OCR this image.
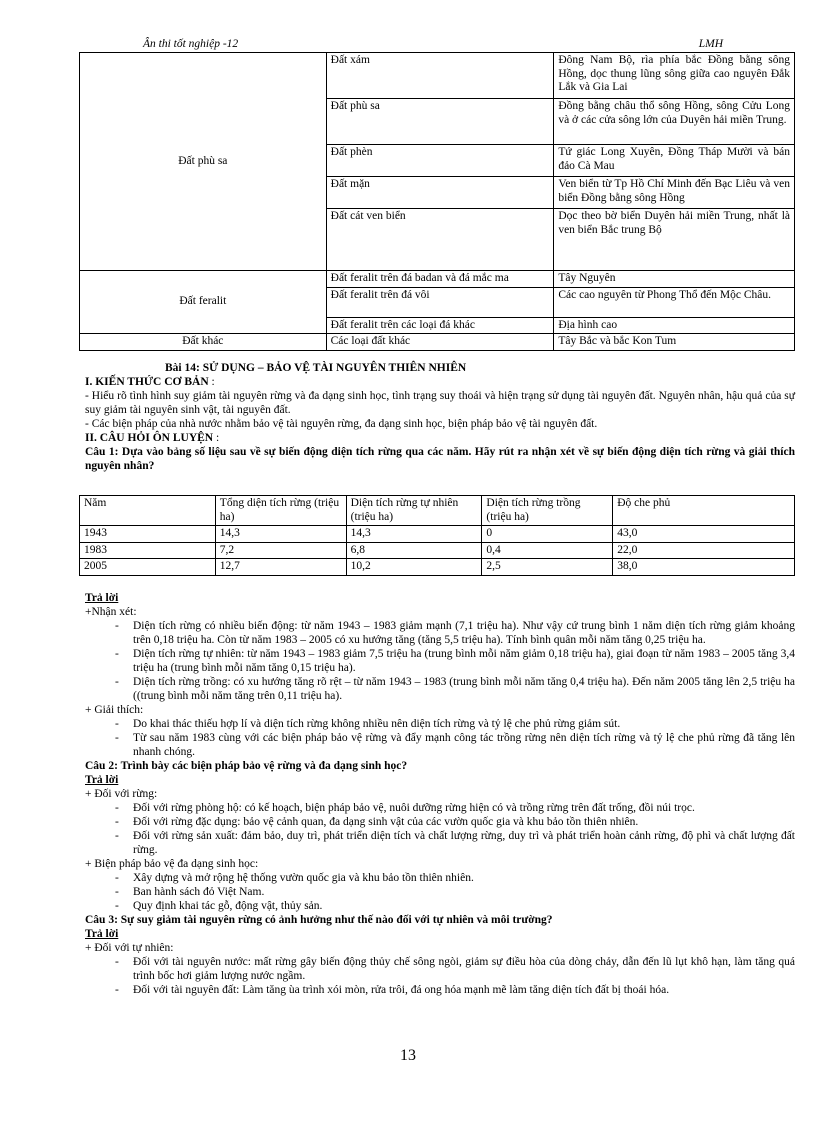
Ân thi tốt nghiệp -12	LMH
Đất phù sa	Đất xám	Đông Nam Bộ, rìa phía bắc Đồng bằng sông Hồng, dọc thung lũng sông giữa cao nguyên Đắk Lắk và Gia Lai
	Đất phù sa	Đồng bằng châu thổ sông Hồng, sông Cửu Long và ở các cửa sông lớn của Duyên hải miền Trung.
	Đất phèn	Tứ giác Long Xuyên, Đồng Tháp Mười và bán đảo Cà Mau
	Đất mặn	Ven biển từ Tp Hồ Chí Minh đến Bạc Liêu và ven biển Đồng bằng sông Hồng
	Đất cát ven biển	Dọc theo bờ biển Duyên hải miền Trung, nhất là ven biển Bắc trung Bộ
Đất feralit	Đất feralit trên đá badan và đá mắc ma	Tây Nguyên
	Đất feralit trên đá vôi	Các cao nguyên từ Phong Thổ đến Mộc Châu.
	Đất feralit trên các loại đá khác	Địa hình cao
Đất khác	Các loại đất khác	Tây Bắc và bắc Kon Tum
Bài 14: SỬ DỤNG – BẢO VỆ TÀI NGUYÊN THIÊN NHIÊN
I. KIẾN THỨC CƠ BẢN :
- Hiểu rõ tình hình suy giảm tài nguyên rừng và đa dạng sinh học, tình trạng suy thoái và hiện trạng sử dụng tài nguyên đất. Nguyên nhân, hậu quả của sự suy giảm tài nguyên sinh vật, tài nguyên đất.
- Các biện pháp của nhà nước nhằm bảo vệ tài nguyên rừng, đa dạng sinh học, biện pháp bảo vệ tài nguyên đất.
II. CÂU HỎI ÔN LUYỆN :
Câu 1: Dựa vào bảng số liệu sau về sự biến động diện tích rừng qua các năm. Hãy rút ra nhận xét về sự biến động diện tích rừng và giải thích nguyên nhân?
Năm	Tổng diện tích rừng (triệu ha)	Diện tích rừng tự nhiên (triệu ha)	Diện tích rừng trồng (triệu ha)	Độ che phủ
1943	14,3	14,3	0	43,0
1983	7,2	6,8	0,4	22,0
2005	12,7	10,2	2,5	38,0
Trả lời
+Nhận xét:
- Diện tích rừng có nhiều biến động: từ năm 1943 – 1983 giảm mạnh (7,1 triệu ha). Như vậy cứ trung bình 1 năm diện tích rừng giảm khoảng trên 0,18 triệu ha. Còn từ năm 1983 – 2005 có xu hướng tăng (tăng 5,5 triệu ha). Tính bình quân mỗi năm tăng 0,25 triệu ha.
- Diện tích rừng tự nhiên: từ năm 1943 – 1983 giảm 7,5 triệu ha (trung bình mỗi năm giảm 0,18 triệu ha), giai đoạn từ năm 1983 – 2005 tăng 3,4 triệu ha (trung bình mỗi năm tăng 0,15 triệu ha).
- Diện tích rừng trồng: có xu hướng tăng rõ rệt – từ năm 1943 – 1983 (trung bình mỗi năm tăng 0,4 triệu ha). Đến năm 2005 tăng lên 2,5 triệu ha ((trung bình mỗi năm tăng trên 0,11 triệu ha).
+ Giải thích:
- Do khai thác thiếu hợp lí và diện tích rừng không nhiều nên diện tích rừng và tỷ lệ che phủ rừng giảm sút.
- Từ sau năm 1983 cùng với các biện pháp bảo vệ rừng và đẩy mạnh công tác trồng rừng nên diện tích rừng và tỷ lệ che phủ rừng đã tăng lên nhanh chóng.
Câu 2: Trình bày các biện pháp bảo vệ rừng và đa dạng sinh học?
Trả lời
+ Đối với rừng:
- Đối với rừng phòng hộ: có kế hoạch, biện pháp bảo vệ, nuôi dưỡng rừng hiện có và trồng rừng trên đất trống, đồi núi trọc.
- Đối với rừng đặc dụng: bảo vệ cảnh quan, đa dạng sinh vật của các vườn quốc gia và khu bảo tồn thiên nhiên.
- Đối với rừng sản xuất: đảm bảo, duy trì, phát triển diện tích và chất lượng rừng, duy trì và phát triển hoàn cảnh rừng, độ phì và chất lượng đất rừng.
+ Biện pháp bảo vệ đa dạng sinh học:
- Xây dựng và mở rộng hệ thống vườn quốc gia và khu bảo tồn thiên nhiên.
- Ban hành sách đỏ Việt Nam.
- Quy định khai tác gỗ, động vật, thủy sản.
Câu 3: Sự suy giảm tài nguyên rừng có ảnh hưởng như thế nào đối với tự nhiên và môi trường?
Trả lời
+ Đối với tự nhiên:
- Đối với tài nguyên nước: mất rừng gây biến động thủy chế sông ngòi, giảm sự điều hòa của dòng chảy, dẫn đến lũ lụt khô hạn, làm tăng quá trình bốc hơi giảm lượng nước ngầm.
- Đối với tài nguyên đất: Làm tăng ùa trình xói mòn, rửa trôi, đá ong hóa mạnh mẽ làm tăng diện tích đất bị thoái hóa.
13
